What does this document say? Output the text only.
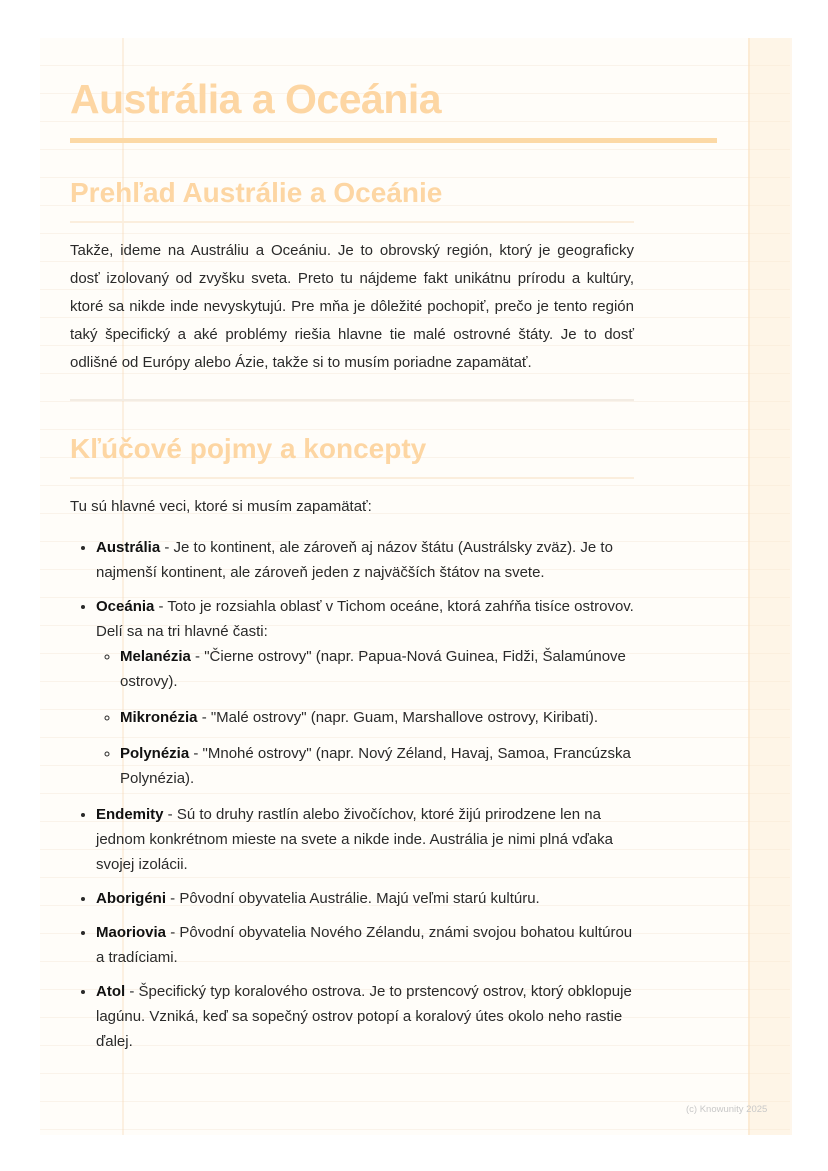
Austrália a Oceánia
Prehľad Austrálie a Oceánie

Takže, ideme na Austráliu a Oceániu. Je to obrovský región, ktorý je geograficky dosť izolovaný od zvyšku sveta. Preto tu nájdeme fakt unikátnu prírodu a kultúry, ktoré sa nikde inde nevyskytujú. Pre mňa je dôležité pochopiť, prečo je tento región taký špecifický a aké problémy riešia hlavne tie malé ostrovné štáty. Je to dosť odlišné od Európy alebo Ázie, takže si to musím poriadne zapamätať.

Kľúčové pojmy a koncepty

Tu sú hlavné veci, ktoré si musím zapamätať:

• Austrália - Je to kontinent, ale zároveň aj názov štátu (Austrálsky zväz). Je to najmenší kontinent, ale zároveň jeden z najväčších štátov na svete.
• Oceánia - Toto je rozsiahla oblasť v Tichom oceáne, ktorá zahŕňa tisíce ostrovov. Delí sa na tri hlavné časti:
◦ Melanézia - "Čierne ostrovy" (napr. Papua-Nová Guinea, Fidži, Šalamúnove ostrovy).
◦ Mikronézia - "Malé ostrovy" (napr. Guam, Marshallove ostrovy, Kiribati).
◦ Polynézia - "Mnohé ostrovy" (napr. Nový Zéland, Havaj, Samoa, Francúzska Polynézia).
• Endemity - Sú to druhy rastlín alebo živočíchov, ktoré žijú prirodzene len na jednom konkrétnom mieste na svete a nikde inde. Austrália je nimi plná vďaka svojej izolácii.
• Aborigéni - Pôvodní obyvatelia Austrálie. Majú veľmi starú kultúru.
• Maoriovia - Pôvodní obyvatelia Nového Zélandu, známi svojou bohatou kultúrou a tradíciami.
• Atol - Špecifický typ koralového ostrova. Je to prstencový ostrov, ktorý obklopuje lagúnu. Vzniká, keď sa sopečný ostrov potopí a koralový útes okolo neho rastie ďalej.
(c) Knowunity 2025
